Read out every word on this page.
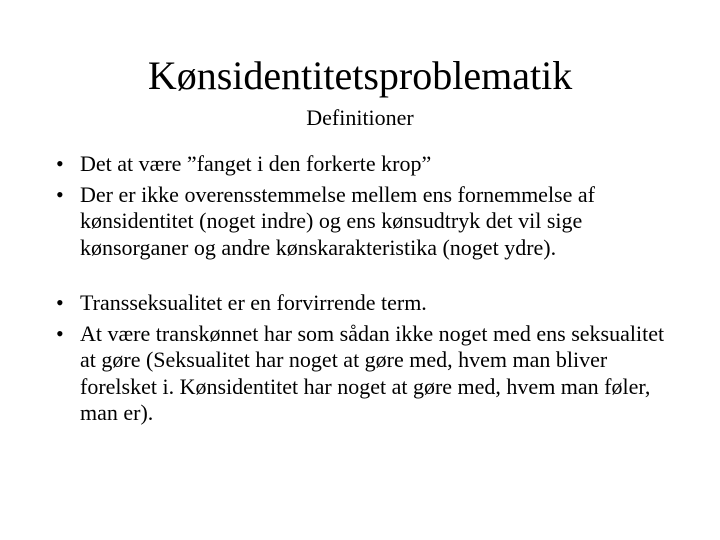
Kønsidentitetsproblematik
Definitioner
• Det at være ”fanget i den forkerte krop”
• Der er ikke overensstemmelse mellem ens fornemmelse af kønsidentitet (noget indre) og ens kønsudtryk det vil sige kønsorganer og andre kønskarakteristika (noget ydre).
• Transseksualitet er en forvirrende term.
• At være transkønnet har som sådan ikke noget med ens seksualitet at gøre (Seksualitet har noget at gøre med, hvem man bliver forelsket i. Kønsidentitet har noget at gøre med, hvem man føler, man er).
